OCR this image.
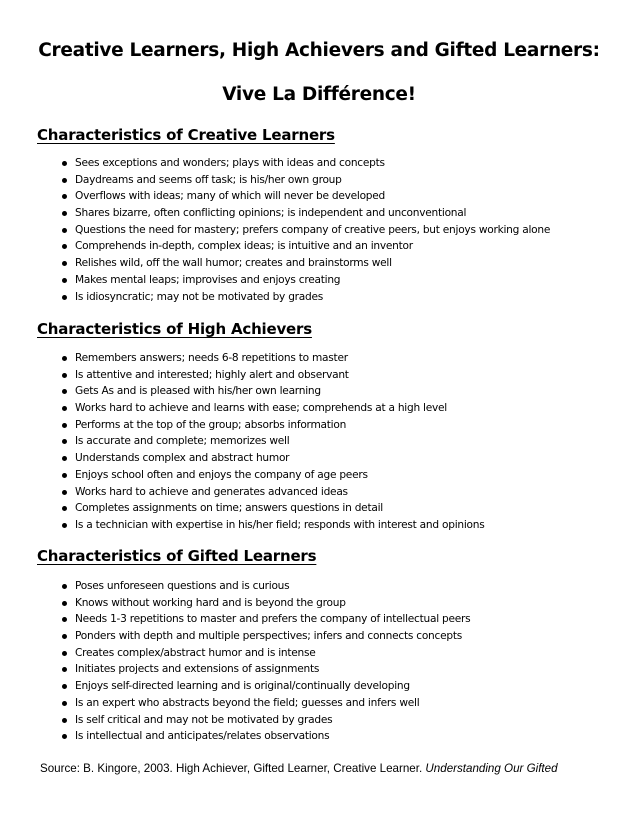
Creative Learners, High Achievers and Gifted Learners:
Vive La Différence!
Characteristics of Creative Learners
Sees exceptions and wonders; plays with ideas and concepts
Daydreams and seems off task; is his/her own group
Overflows with ideas; many of which will never be developed
Shares bizarre, often conflicting opinions; is independent and unconventional
Questions the need for mastery; prefers company of creative peers, but enjoys working alone
Comprehends in-depth, complex ideas; is intuitive and an inventor
Relishes wild, off the wall humor; creates and brainstorms well
Makes mental leaps; improvises and enjoys creating
Is idiosyncratic; may not be motivated by grades
Characteristics of High Achievers
Remembers answers; needs 6-8 repetitions to master
Is attentive and interested; highly alert and observant
Gets As and is pleased with his/her own learning
Works hard to achieve and learns with ease; comprehends at a high level
Performs at the top of the group; absorbs information
Is accurate and complete; memorizes well
Understands complex and abstract humor
Enjoys school often and enjoys the company of age peers
Works hard to achieve and generates advanced ideas
Completes assignments on time; answers questions in detail
Is a technician with expertise in his/her field; responds with interest and opinions
Characteristics of Gifted Learners
Poses unforeseen questions and is curious
Knows without working hard and is beyond the group
Needs 1-3 repetitions to master and prefers the company of intellectual peers
Ponders with depth and multiple perspectives; infers and connects concepts
Creates complex/abstract humor and is intense
Initiates projects and extensions of assignments
Enjoys self-directed learning and is original/continually developing
Is an expert who abstracts beyond the field; guesses and infers well
Is self critical and may not be motivated by grades
Is intellectual and anticipates/relates observations
Source: B. Kingore, 2003. High Achiever, Gifted Learner, Creative Learner. Understanding Our Gifted
